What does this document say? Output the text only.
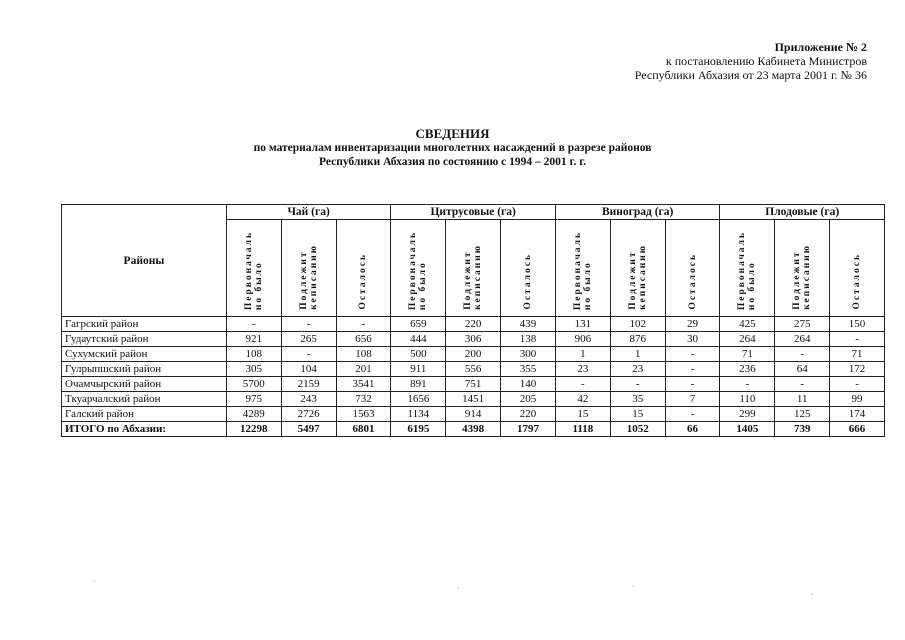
Приложение № 2
к постановлению Кабинета Министров
Республики Абхазия от 23 марта 2001 г. № 36
СВЕДЕНИЯ
по материалам инвентаризации многолетних насаждений в разрезе районов
Республики Абхазия по состоянию с 1994 – 2001 г. г.
Районы	Чай (га)			Цитрусовые (га)			Виноград (га)			Плодовые (га)		

	Первоначаль
но было	Подлежит
кеписанию	Осталось	Первоначаль
но было	Подлежит
кеписанию	Осталось	Первоначаль
но было	Подлежит
кеписанию	Осталось	Первоначаль
но было	Подлежит
кеписанию	Осталось

Гагрский район	-	-	-	659	220	439	131	102	29	425	275	150
Гудаутский район	921	265	656	444	306	138	906	876	30	264	264	-
Сухумский район	108	-	108	500	200	300	1	1	-	71	-	71
Гулрыпшский район	305	104	201	911	556	355	23	23	-	236	64	172
Очамчырский район	5700	2159	3541	891	751	140	-	-	-	-	-	-
Ткуарчалский район	975	243	732	1656	1451	205	42	35	7	110	11	99
Галский район	4289	2726	1563	1134	914	220	15	15	-	299	125	174
ИТОГО по Абхазии:	12298	5497	6801	6195	4398	1797	1118	1052	66	1405	739	666
·	·	·
·
